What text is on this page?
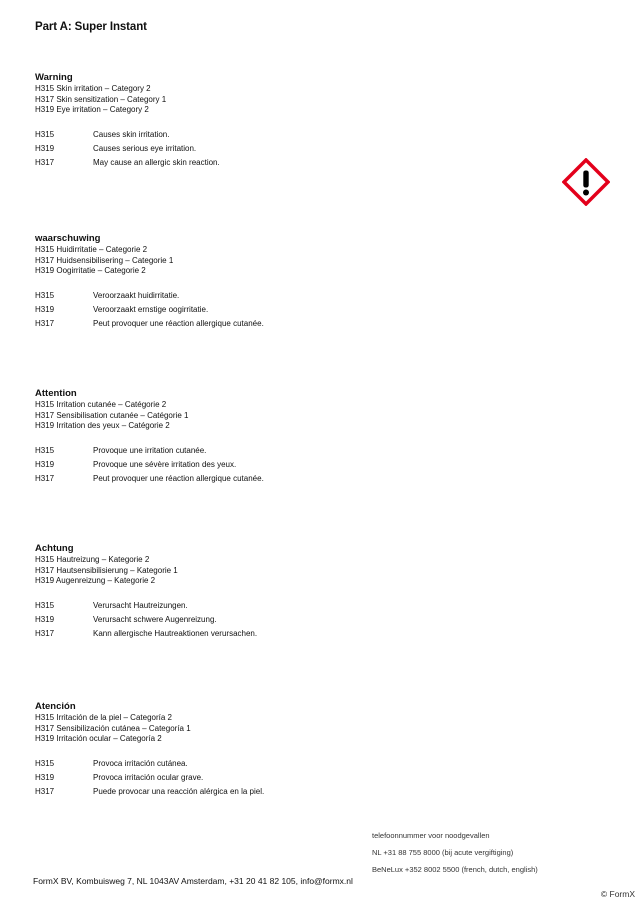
Part A: Super Instant
Warning
H315 Skin irritation – Category 2
H317 Skin sensitization – Category 1
H319 Eye irritation – Category 2
H315	Causes skin irritation.
H319	Causes serious eye irritation.
H317	May cause an allergic skin reaction.
waarschuwing
H315 Huidirritatie – Categorie 2
H317 Huidsensibilisering – Categorie 1
H319 Oogirritatie – Categorie 2
H315	Veroorzaakt huidirritatie.
H319	Veroorzaakt ernstige oogirritatie.
H317	Peut provoquer une réaction allergique cutanée.
Attention
H315 Irritation cutanée – Catégorie 2
H317 Sensibilisation cutanée – Catégorie 1
H319 Irritation des yeux – Catégorie 2
H315	Provoque une irritation cutanée.
H319	Provoque une sévère irritation des yeux.
H317	Peut provoquer une réaction allergique cutanée.
Achtung
H315 Hautreizung – Kategorie 2
H317 Hautsensibilisierung – Kategorie 1
H319 Augenreizung – Kategorie 2
H315	Verursacht Hautreizungen.
H319	Verursacht schwere Augenreizung.
H317	Kann allergische Hautreaktionen verursachen.
Atención
H315 Irritación de la piel – Categoría 2
H317 Sensibilización cutánea – Categoría 1
H319 Irritación ocular – Categoría 2
H315	Provoca irritación cutánea.
H319	Provoca irritación ocular grave.
H317	Puede provocar una reacción alérgica en la piel.
telefoonnummer voor noodgevallen
NL +31 88 755 8000 (bij acute vergiftiging)
BeNeLux +352 8002 5500 (french, dutch, english)
FormX BV, Kombuisweg 7, NL 1043AV Amsterdam, +31 20 41 82 105, info@formx.nl
© FormX
